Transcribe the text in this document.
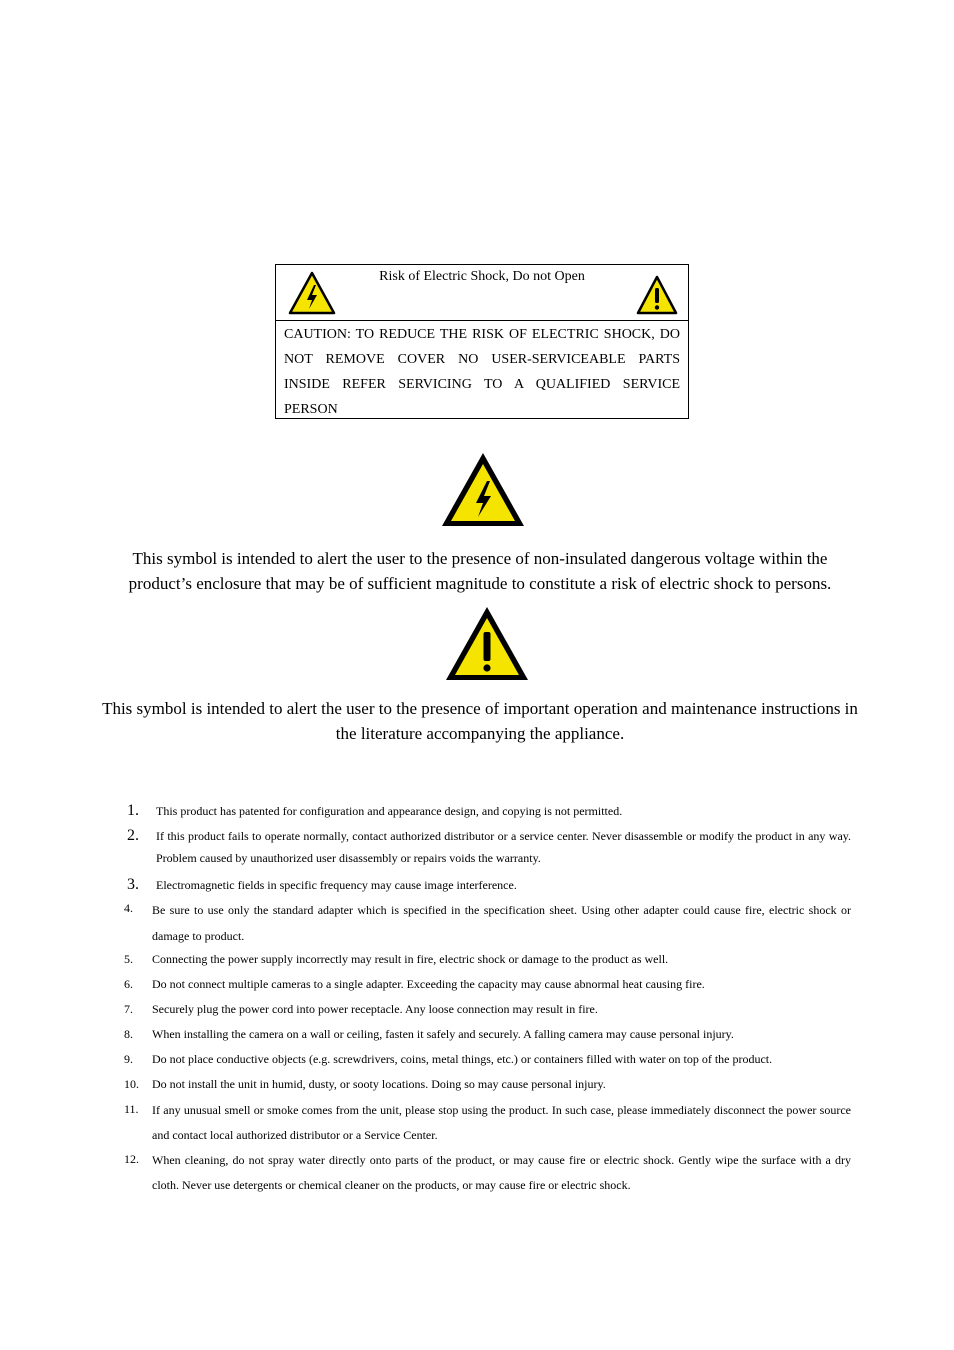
Risk of Electric Shock, Do not Open
CAUTION: TO REDUCE THE RISK OF ELECTRIC SHOCK, DO NOT REMOVE COVER NO USER-SERVICEABLE PARTS INSIDE REFER SERVICING TO A QUALIFIED SERVICE PERSON
This symbol is intended to alert the user to the presence of non-insulated dangerous voltage within the product’s enclosure that may be of sufficient magnitude to constitute a risk of electric shock to persons.
This symbol is intended to alert the user to the presence of important operation and maintenance instructions in the literature accompanying the appliance.
1. This product has patented for configuration and appearance design, and copying is not permitted.
2. If this product fails to operate normally, contact authorized distributor or a service center. Never disassemble or modify the product in any way. Problem caused by unauthorized user disassembly or repairs voids the warranty.
3. Electromagnetic fields in specific frequency may cause image interference.
4. Be sure to use only the standard adapter which is specified in the specification sheet. Using other adapter could cause fire, electric shock or damage to product.
5. Connecting the power supply incorrectly may result in fire, electric shock or damage to the product as well.
6. Do not connect multiple cameras to a single adapter. Exceeding the capacity may cause abnormal heat causing fire.
7. Securely plug the power cord into power receptacle. Any loose connection may result in fire.
8. When installing the camera on a wall or ceiling, fasten it safely and securely. A falling camera may cause personal injury.
9. Do not place conductive objects (e.g. screwdrivers, coins, metal things, etc.) or containers filled with water on top of the product.
10. Do not install the unit in humid, dusty, or sooty locations. Doing so may cause personal injury.
11. If any unusual smell or smoke comes from the unit, please stop using the product. In such case, please immediately disconnect the power source and contact local authorized distributor or a Service Center.
12. When cleaning, do not spray water directly onto parts of the product, or may cause fire or electric shock. Gently wipe the surface with a dry cloth. Never use detergents or chemical cleaner on the products, or may cause fire or electric shock.
